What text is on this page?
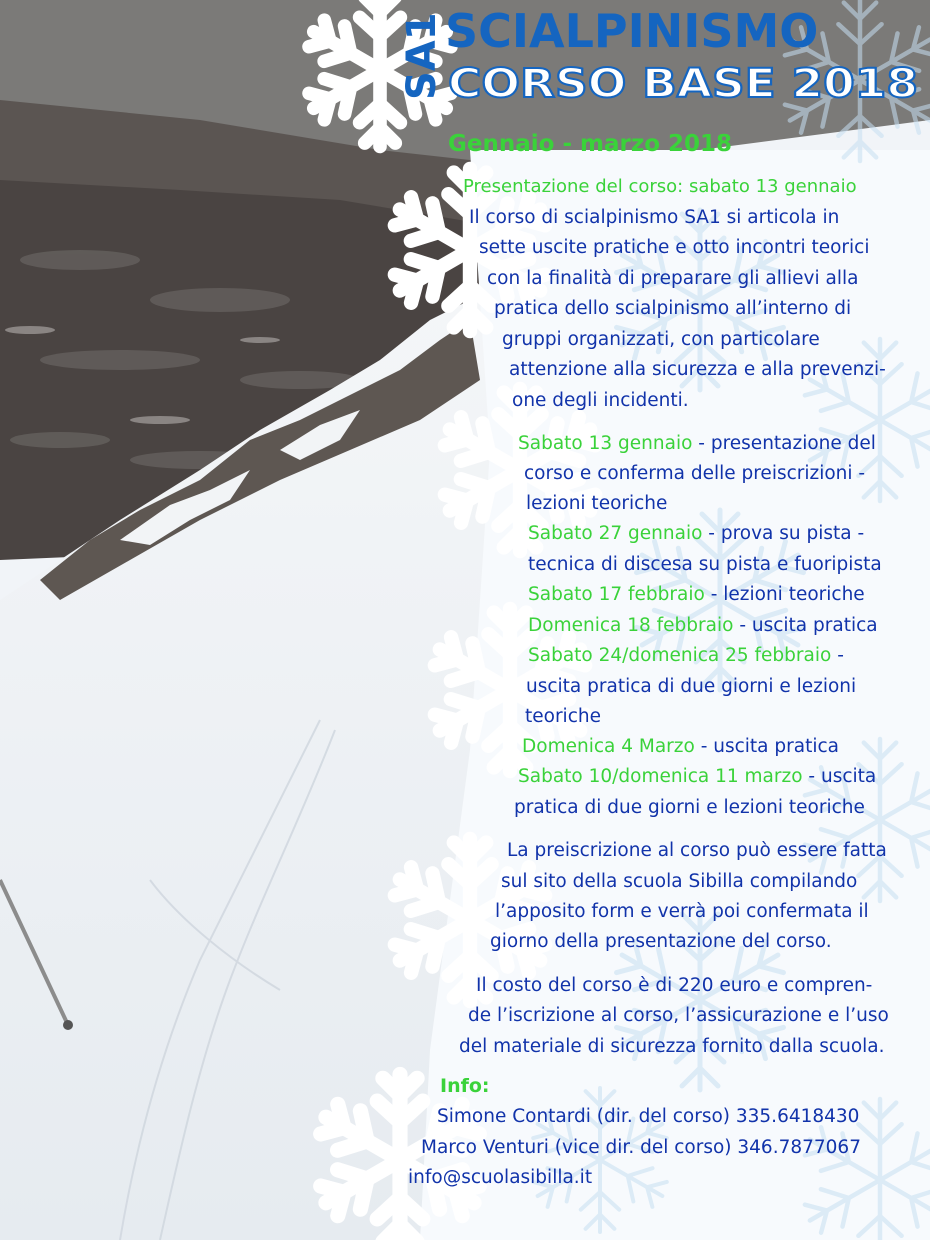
SA1 SCIALPINISMO
CORSO BASE 2018
Gennaio - marzo 2018
Presentazione del corso: sabato 13 gennaio
Il corso di scialpinismo SA1 si articola in
sette uscite pratiche e otto incontri teorici
con la finalità di preparare gli allievi alla
pratica dello scialpinismo all’interno di
gruppi organizzati, con particolare
attenzione alla sicurezza e alla prevenzi-
one degli incidenti.
Sabato 13 gennaio - presentazione del
corso e conferma delle preiscrizioni -
lezioni teoriche
Sabato 27 gennaio - prova su pista -
tecnica di discesa su pista e fuoripista
Sabato 17 febbraio - lezioni teoriche
Domenica 18 febbraio - uscita pratica
Sabato 24/domenica 25 febbraio -
uscita pratica di due giorni e lezioni
teoriche
Domenica 4 Marzo - uscita pratica
Sabato 10/domenica 11 marzo - uscita
pratica di due giorni e lezioni teoriche
La preiscrizione al corso può essere fatta
sul sito della scuola Sibilla compilando
l’apposito form e verrà poi confermata il
giorno della presentazione del corso.
Il costo del corso è di 220 euro e compren-
de l’iscrizione al corso, l’assicurazione e l’uso
del materiale di sicurezza fornito dalla scuola.
Info:
Simone Contardi (dir. del corso) 335.6418430
Marco Venturi (vice dir. del corso) 346.7877067
info@scuolasibilla.it
